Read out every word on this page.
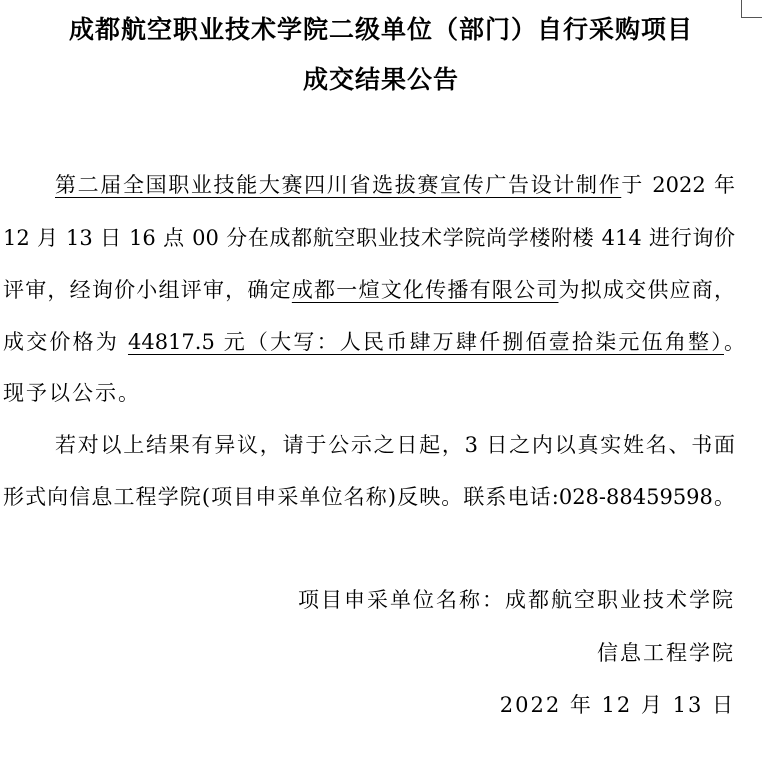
成都航空职业技术学院二级单位（部门）自行采购项目
成交结果公告
第二届全国职业技能大赛四川省选拔赛宣传广告设计制作于 2022 年
12 月 13 日 16 点 00 分在成都航空职业技术学院尚学楼附楼 414 进行询价
评审，经询价小组评审，确定成都一煊文化传播有限公司为拟成交供应商，
成交价格为 44817.5 元（大写：人民币肆万肆仟捌佰壹拾柒元伍角整）。
现予以公示。
若对以上结果有异议，请于公示之日起，3 日之内以真实姓名、书面
形式向信息工程学院(项目申采单位名称)反映。联系电话:028-88459598。
项目申采单位名称：成都航空职业技术学院
信息工程学院
2022 年 12 月 13 日
